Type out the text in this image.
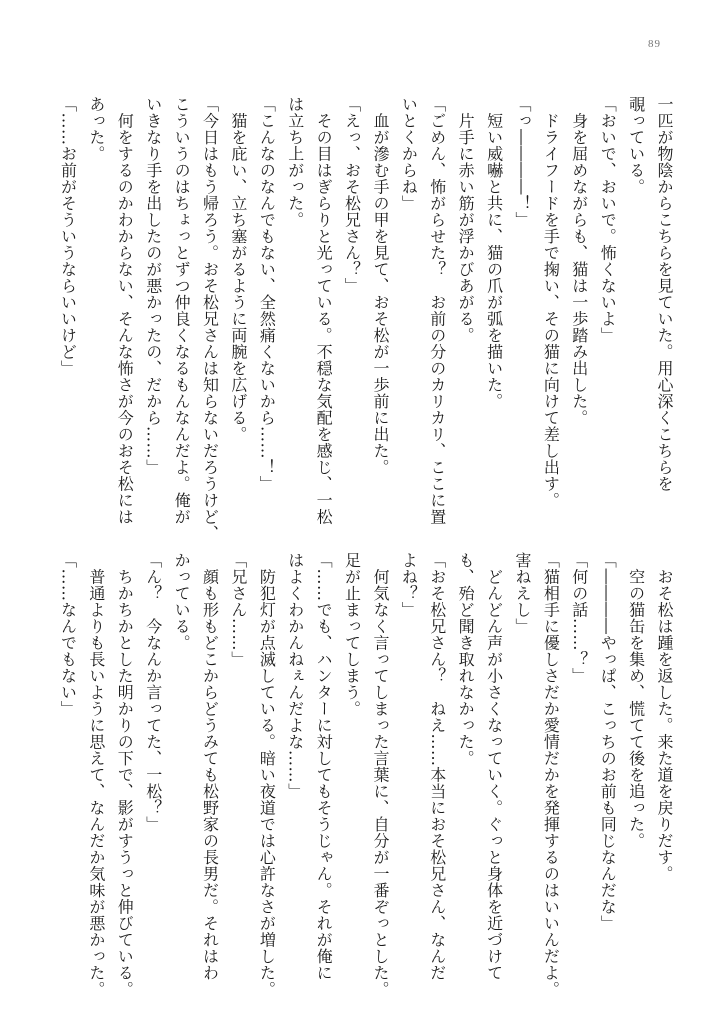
89
一匹が物陰からこちらを見ていた。用心深くこちらを
覗っている。
「おいで、おいで。怖くないよ」
　身を屈めながらも、猫は一歩踏み出した。
　ドライフードを手で掬い、その猫に向けて差し出す。
「っ――――！」
　短い威嚇と共に、猫の爪が弧を描いた。
　片手に赤い筋が浮かびあがる。
「ごめん、怖がらせた？　お前の分のカリカリ、ここに置
いとくからね」
　血が滲む手の甲を見て、おそ松が一歩前に出た。
「えっ、おそ松兄さん？」
　その目はぎらりと光っている。不穏な気配を感じ、一松
は立ち上がった。
「こんなのなんでもない、全然痛くないから……！」
　猫を庇い、立ち塞がるように両腕を広げる。
「今日はもう帰ろう。おそ松兄さんは知らないだろうけど、
こういうのはちょっとずつ仲良くなるもんなんだよ。俺が
いきなり手を出したのが悪かったの、だから……」
　何をするのかわからない、そんな怖さが今のおそ松には
あった。
「……お前がそういうならいいけど」
　おそ松は踵を返した。来た道を戻りだす。
　空の猫缶を集め、慌てて後を追った。
「――――やっぱ、こっちのお前も同じなんだな」
「何の話……？」
「猫相手に優しさだか愛情だかを発揮するのはいいんだよ。
害ねえし」
　どんどん声が小さくなっていく。ぐっと身体を近づけて
も、殆ど聞き取れなかった。
「おそ松兄さん？　ねえ……本当におそ松兄さん、なんだ
よね？」
　何気なく言ってしまった言葉に、自分が一番ぞっとした。
足が止まってしまう。
「……でも、ハンターに対してもそうじゃん。それが俺に
はよくわかんねぇんだよな……」
　防犯灯が点滅している。暗い夜道では心許なさが増した。
「兄さん……」
　顔も形もどこからどうみても松野家の長男だ。それはわ
かっている。
「ん？　今なんか言ってた、一松？」
　ちかちかとした明かりの下で、影がすうっと伸びている。
　普通よりも長いように思えて、なんだか気味が悪かった。
「……なんでもない」
